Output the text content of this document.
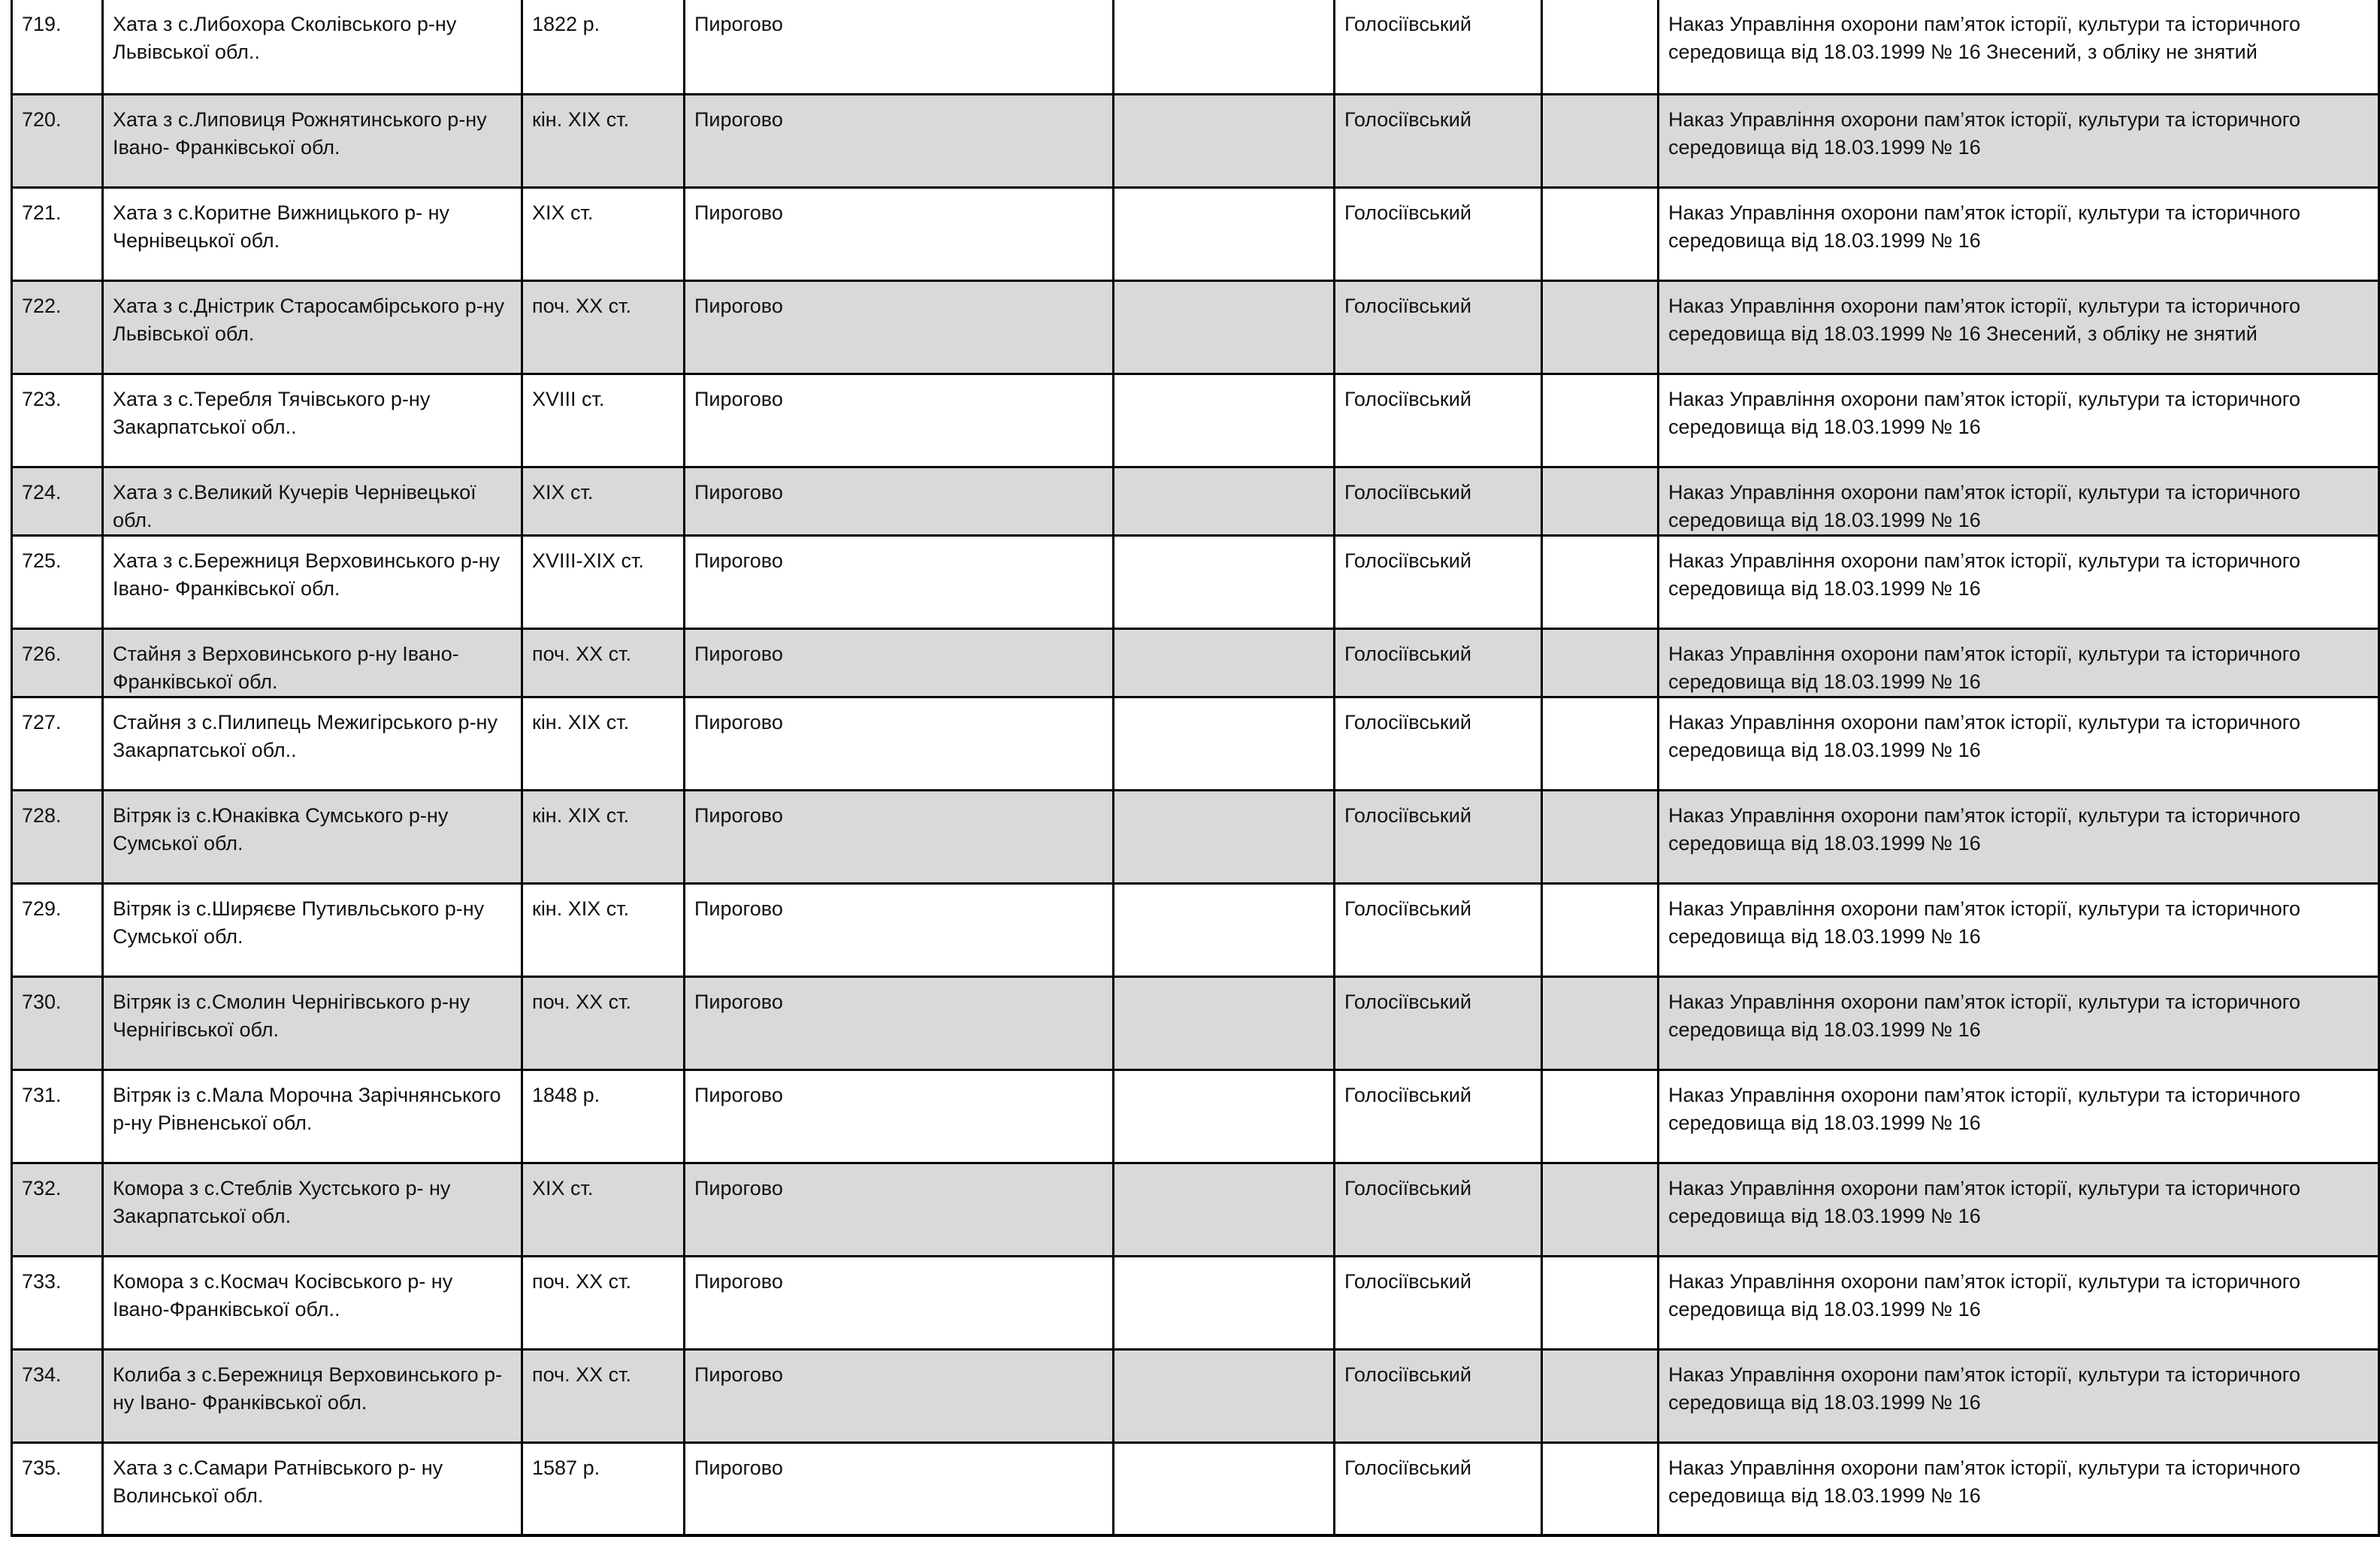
719.	Хата з с.Либохора Сколівського р-ну Львівської обл..	1822 р.	Пирогово		Голосіївський		Наказ Управління охорони пам’яток історії, культури та історичного середовища від 18.03.1999 № 16 Знесений, з обліку не знятий
720.	Хата з с.Липовиця Рожнятинського р-ну Івано- Франківської обл.	кін. XIX ст.	Пирогово		Голосіївський		Наказ Управління охорони пам’яток історії, культури та історичного середовища від 18.03.1999 № 16
721.	Хата з с.Коритне Вижницького р- ну Чернівецької обл.	XIX ст.	Пирогово		Голосіївський		Наказ Управління охорони пам’яток історії, культури та історичного середовища від 18.03.1999 № 16
722.	Хата з с.Дністрик Старосамбірського р-ну Львівської обл.	поч. XX ст.	Пирогово		Голосіївський		Наказ Управління охорони пам’яток історії, культури та історичного середовища від 18.03.1999 № 16 Знесений, з обліку не знятий
723.	Хата з с.Теребля Тячівського р-ну Закарпатської обл..	XVIII ст.	Пирогово		Голосіївський		Наказ Управління охорони пам’яток історії, культури та історичного середовища від 18.03.1999 № 16
724.	Хата з с.Великий Кучерів Чернівецької обл.	XIX ст.	Пирогово		Голосіївський		Наказ Управління охорони пам’яток історії, культури та історичного середовища від 18.03.1999 № 16
725.	Хата з с.Бережниця Верховинського р-ну Івано- Франківської обл.	XVIII-XIX ст.	Пирогово		Голосіївський		Наказ Управління охорони пам’яток історії, культури та історичного середовища від 18.03.1999 № 16
726.	Стайня з Верховинського р-ну Івано- Франківської обл.	поч. XX ст.	Пирогово		Голосіївський		Наказ Управління охорони пам’яток історії, культури та історичного середовища від 18.03.1999 № 16
727.	Стайня з с.Пилипець Межигірського р-ну Закарпатської обл..	кін. XIX ст.	Пирогово		Голосіївський		Наказ Управління охорони пам’яток історії, культури та історичного середовища від 18.03.1999 № 16
728.	Вітряк із с.Юнаківка Сумського р-ну Сумської обл.	кін. XIX ст.	Пирогово		Голосіївський		Наказ Управління охорони пам’яток історії, культури та історичного середовища від 18.03.1999 № 16
729.	Вітряк із с.Ширяєве Путивльського р-ну Сумської обл.	кін. XIX ст.	Пирогово		Голосіївський		Наказ Управління охорони пам’яток історії, культури та історичного середовища від 18.03.1999 № 16
730.	Вітряк із с.Смолин Чернігівського р-ну Чернігівської обл.	поч. XX ст.	Пирогово		Голосіївський		Наказ Управління охорони пам’яток історії, культури та історичного середовища від 18.03.1999 № 16
731.	Вітряк із с.Мала Морочна Зарічнянського р-ну Рівненської обл.	1848 р.	Пирогово		Голосіївський		Наказ Управління охорони пам’яток історії, культури та історичного середовища від 18.03.1999 № 16
732.	Комора з с.Стеблів Хустського р- ну Закарпатської обл.	XIX ст.	Пирогово		Голосіївський		Наказ Управління охорони пам’яток історії, культури та історичного середовища від 18.03.1999 № 16
733.	Комора з с.Космач Косівського р- ну Івано-Франківської обл..	поч. XX ст.	Пирогово		Голосіївський		Наказ Управління охорони пам’яток історії, культури та історичного середовища від 18.03.1999 № 16
734.	Колиба з с.Бережниця Верховинського р-ну Івано- Франківської обл.	поч. XX ст.	Пирогово		Голосіївський		Наказ Управління охорони пам’яток історії, культури та історичного середовища від 18.03.1999 № 16
735.	Хата з с.Самари Ратнівського р- ну Волинської обл.	1587 р.	Пирогово		Голосіївський		Наказ Управління охорони пам’яток історії, культури та історичного середовища від 18.03.1999 № 16
